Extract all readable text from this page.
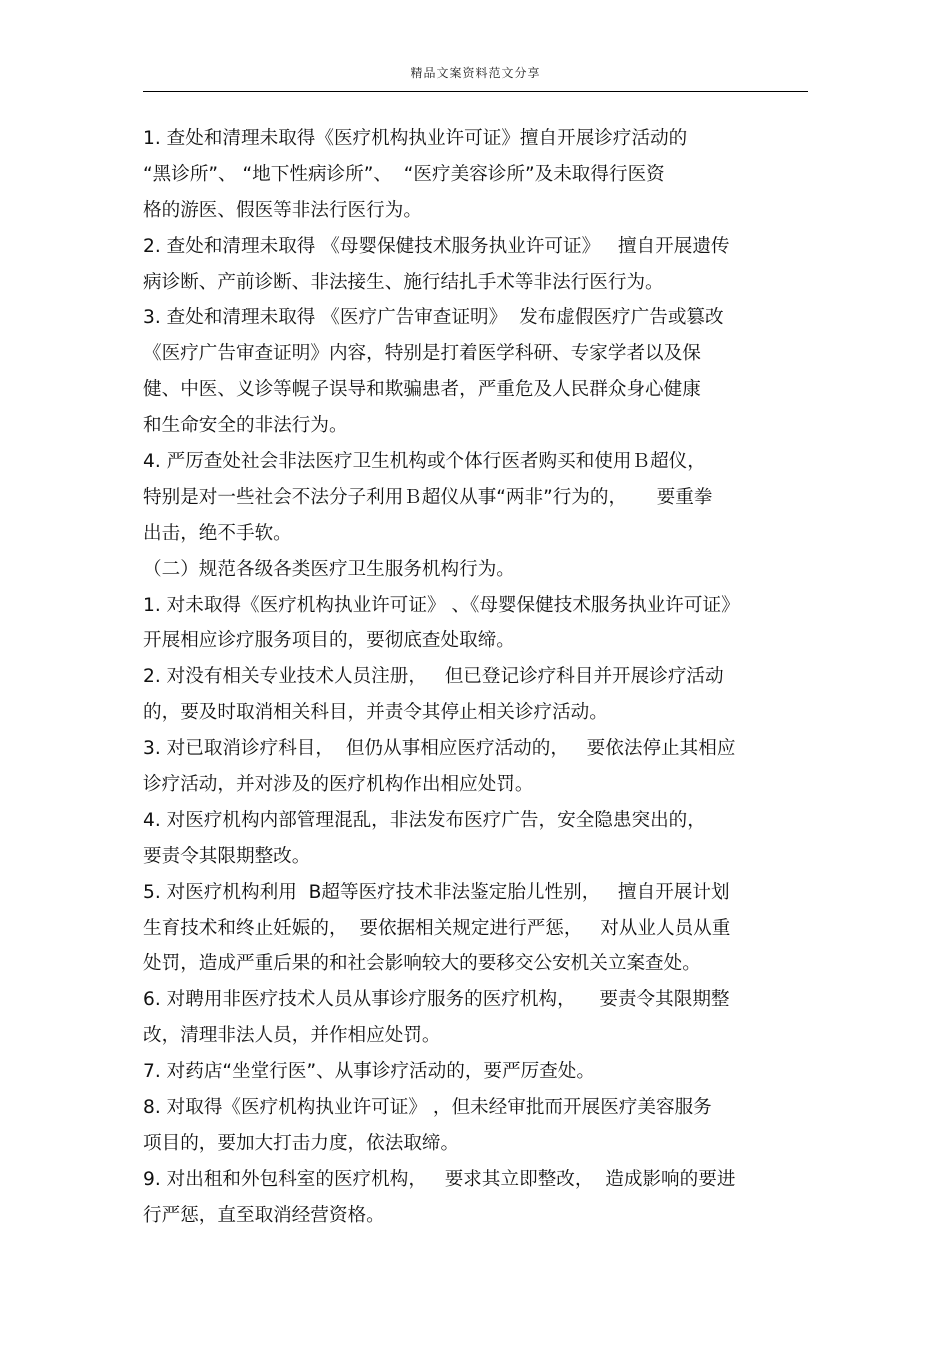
精品文案资料范文分享
1. 查处和清理未取得《医疗机构执业许可证》擅自开展诊疗活动的
“黑诊所”、 “地下性病诊所”、  “医疗美容诊所”及未取得行医资
格的游医、假医等非法行医行为。
2. 查处和清理未取得 《母婴保健技术服务执业许可证》   擅自开展遗传
病诊断、产前诊断、非法接生、施行结扎手术等非法行医行为。
3. 查处和清理未取得 《医疗广告审查证明》  发布虚假医疗广告或篡改
《医疗广告审查证明》内容，特别是打着医学科研、专家学者以及保
健、中医、义诊等幌子误导和欺骗患者，严重危及人民群众身心健康
和生命安全的非法行为。
4. 严厉查处社会非法医疗卫生机构或个体行医者购买和使用Ｂ超仪，
特别是对一些社会不法分子利用Ｂ超仪从事“两非”行为的，     要重拳
出击，绝不手软。
（二）规范各级各类医疗卫生服务机构行为。
1. 对未取得《医疗机构执业许可证》 、《母婴保健技术服务执业许可证》
开展相应诊疗服务项目的，要彻底查处取缔。
2. 对没有相关专业技术人员注册，   但已登记诊疗科目并开展诊疗活动
的，要及时取消相关科目，并责令其停止相关诊疗活动。
3. 对已取消诊疗科目，  但仍从事相应医疗活动的，   要依法停止其相应
诊疗活动，并对涉及的医疗机构作出相应处罚。
4. 对医疗机构内部管理混乱，非法发布医疗广告，安全隐患突出的，
要责令其限期整改。
5. 对医疗机构利用  B超等医疗技术非法鉴定胎儿性别，   擅自开展计划
生育技术和终止妊娠的，  要依据相关规定进行严惩，   对从业人员从重
处罚，造成严重后果的和社会影响较大的要移交公安机关立案查处。
6. 对聘用非医疗技术人员从事诊疗服务的医疗机构，    要责令其限期整
改，清理非法人员，并作相应处罚。
7. 对药店“坐堂行医”、从事诊疗活动的，要严厉查处。
8. 对取得《医疗机构执业许可证》 ，但未经审批而开展医疗美容服务
项目的，要加大打击力度，依法取缔。
9. 对出租和外包科室的医疗机构，   要求其立即整改，  造成影响的要进
行严惩，直至取消经营资格。
